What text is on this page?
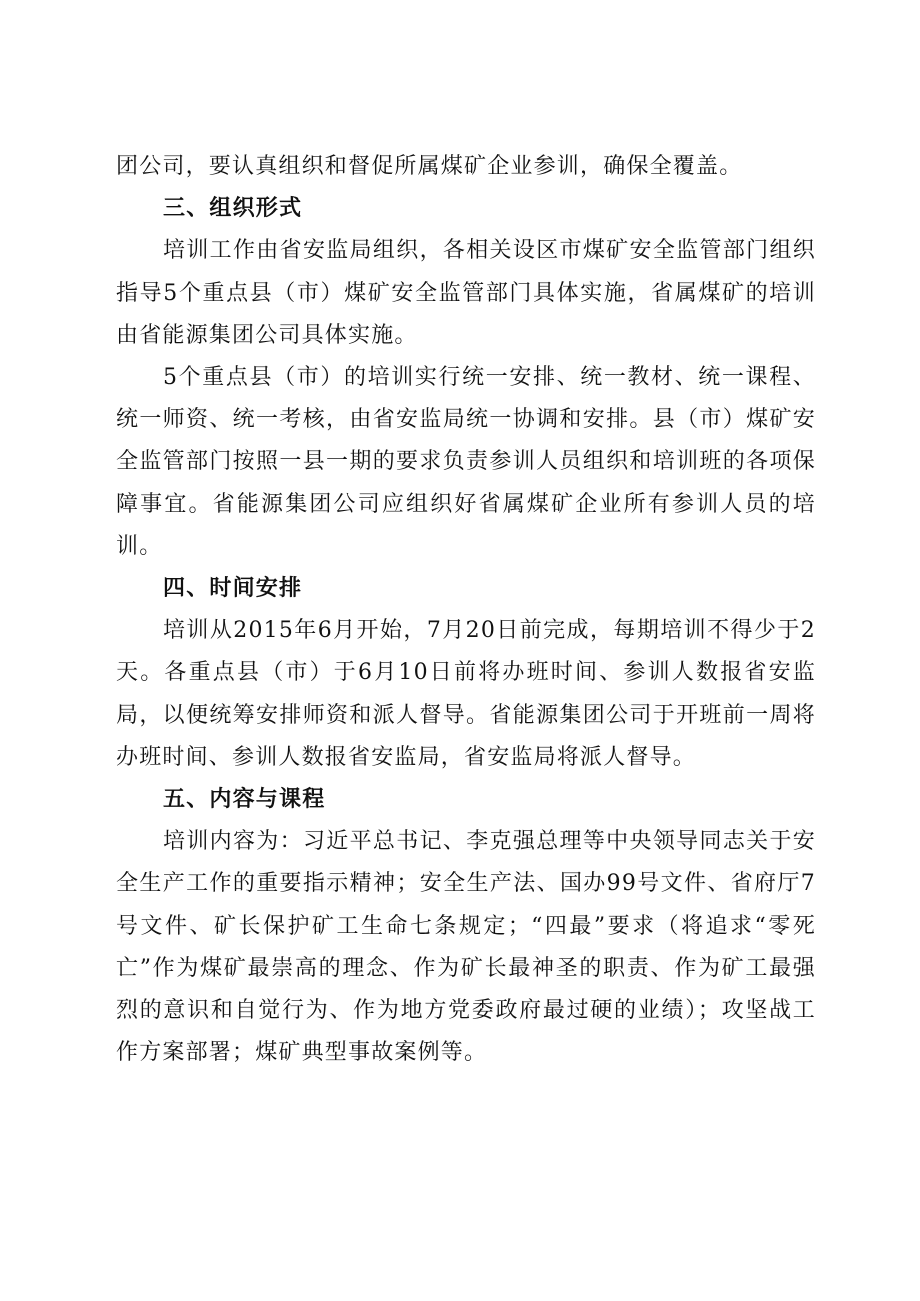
团公司，要认真组织和督促所属煤矿企业参训，确保全覆盖。

三、组织形式

培训工作由省安监局组织，各相关设区市煤矿安全监管部门组织指导5个重点县（市）煤矿安全监管部门具体实施，省属煤矿的培训由省能源集团公司具体实施。

5个重点县（市）的培训实行统一安排、统一教材、统一课程、统一师资、统一考核，由省安监局统一协调和安排。县（市）煤矿安全监管部门按照一县一期的要求负责参训人员组织和培训班的各项保障事宜。省能源集团公司应组织好省属煤矿企业所有参训人员的培训。

四、时间安排

培训从2015年6月开始，7月20日前完成，每期培训不得少于2天。各重点县（市）于6月10日前将办班时间、参训人数报省安监局，以便统筹安排师资和派人督导。省能源集团公司于开班前一周将办班时间、参训人数报省安监局，省安监局将派人督导。

五、内容与课程

培训内容为：习近平总书记、李克强总理等中央领导同志关于安全生产工作的重要指示精神；安全生产法、国办99号文件、省府厅7号文件、矿长保护矿工生命七条规定；“四最”要求（将追求“零死亡”作为煤矿最崇高的理念、作为矿长最神圣的职责、作为矿工最强烈的意识和自觉行为、作为地方党委政府最过硬的业绩）；攻坚战工作方案部署；煤矿典型事故案例等。
